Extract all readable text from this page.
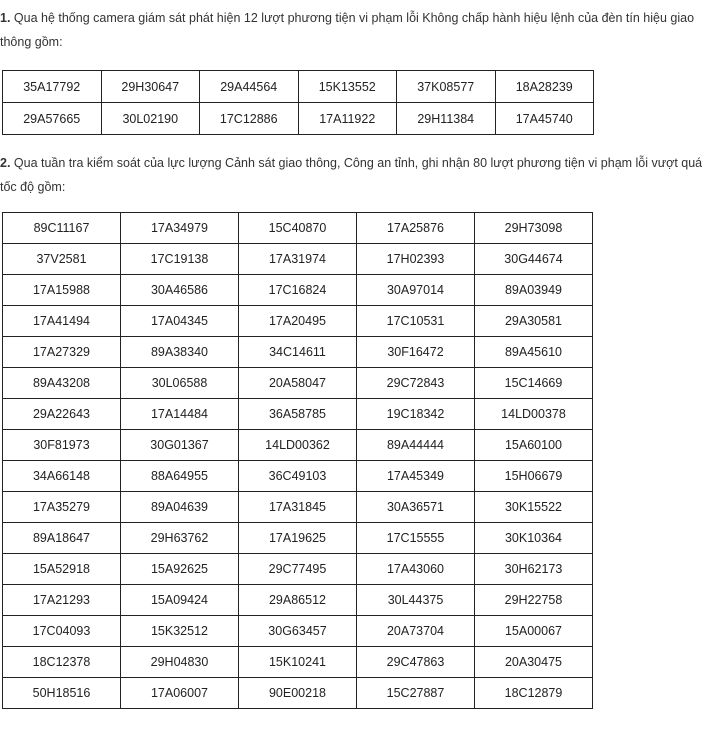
1. Qua hệ thống camera giám sát phát hiện 12 lượt phương tiện vi phạm lỗi Không chấp hành hiệu lệnh của đèn tín hiệu giao thông gồm:

35A17792	29H30647	29A44564	15K13552	37K08577	18A28239
29A57665	30L02190	17C12886	17A11922	29H11384	17A45740

2. Qua tuần tra kiểm soát của lực lượng Cảnh sát giao thông, Công an tỉnh, ghi nhận 80 lượt phương tiện vi phạm lỗi vượt quá tốc độ gồm:

89C11167	17A34979	15C40870	17A25876	29H73098
37V2581	17C19138	17A31974	17H02393	30G44674
17A15988	30A46586	17C16824	30A97014	89A03949
17A41494	17A04345	17A20495	17C10531	29A30581
17A27329	89A38340	34C14611	30F16472	89A45610
89A43208	30L06588	20A58047	29C72843	15C14669
29A22643	17A14484	36A58785	19C18342	14LD00378
30F81973	30G01367	14LD00362	89A44444	15A60100
34A66148	88A64955	36C49103	17A45349	15H06679
17A35279	89A04639	17A31845	30A36571	30K15522
89A18647	29H63762	17A19625	17C15555	30K10364
15A52918	15A92625	29C77495	17A43060	30H62173
17A21293	15A09424	29A86512	30L44375	29H22758
17C04093	15K32512	30G63457	20A73704	15A00067
18C12378	29H04830	15K10241	29C47863	20A30475
50H18516	17A06007	90E00218	15C27887	18C12879
